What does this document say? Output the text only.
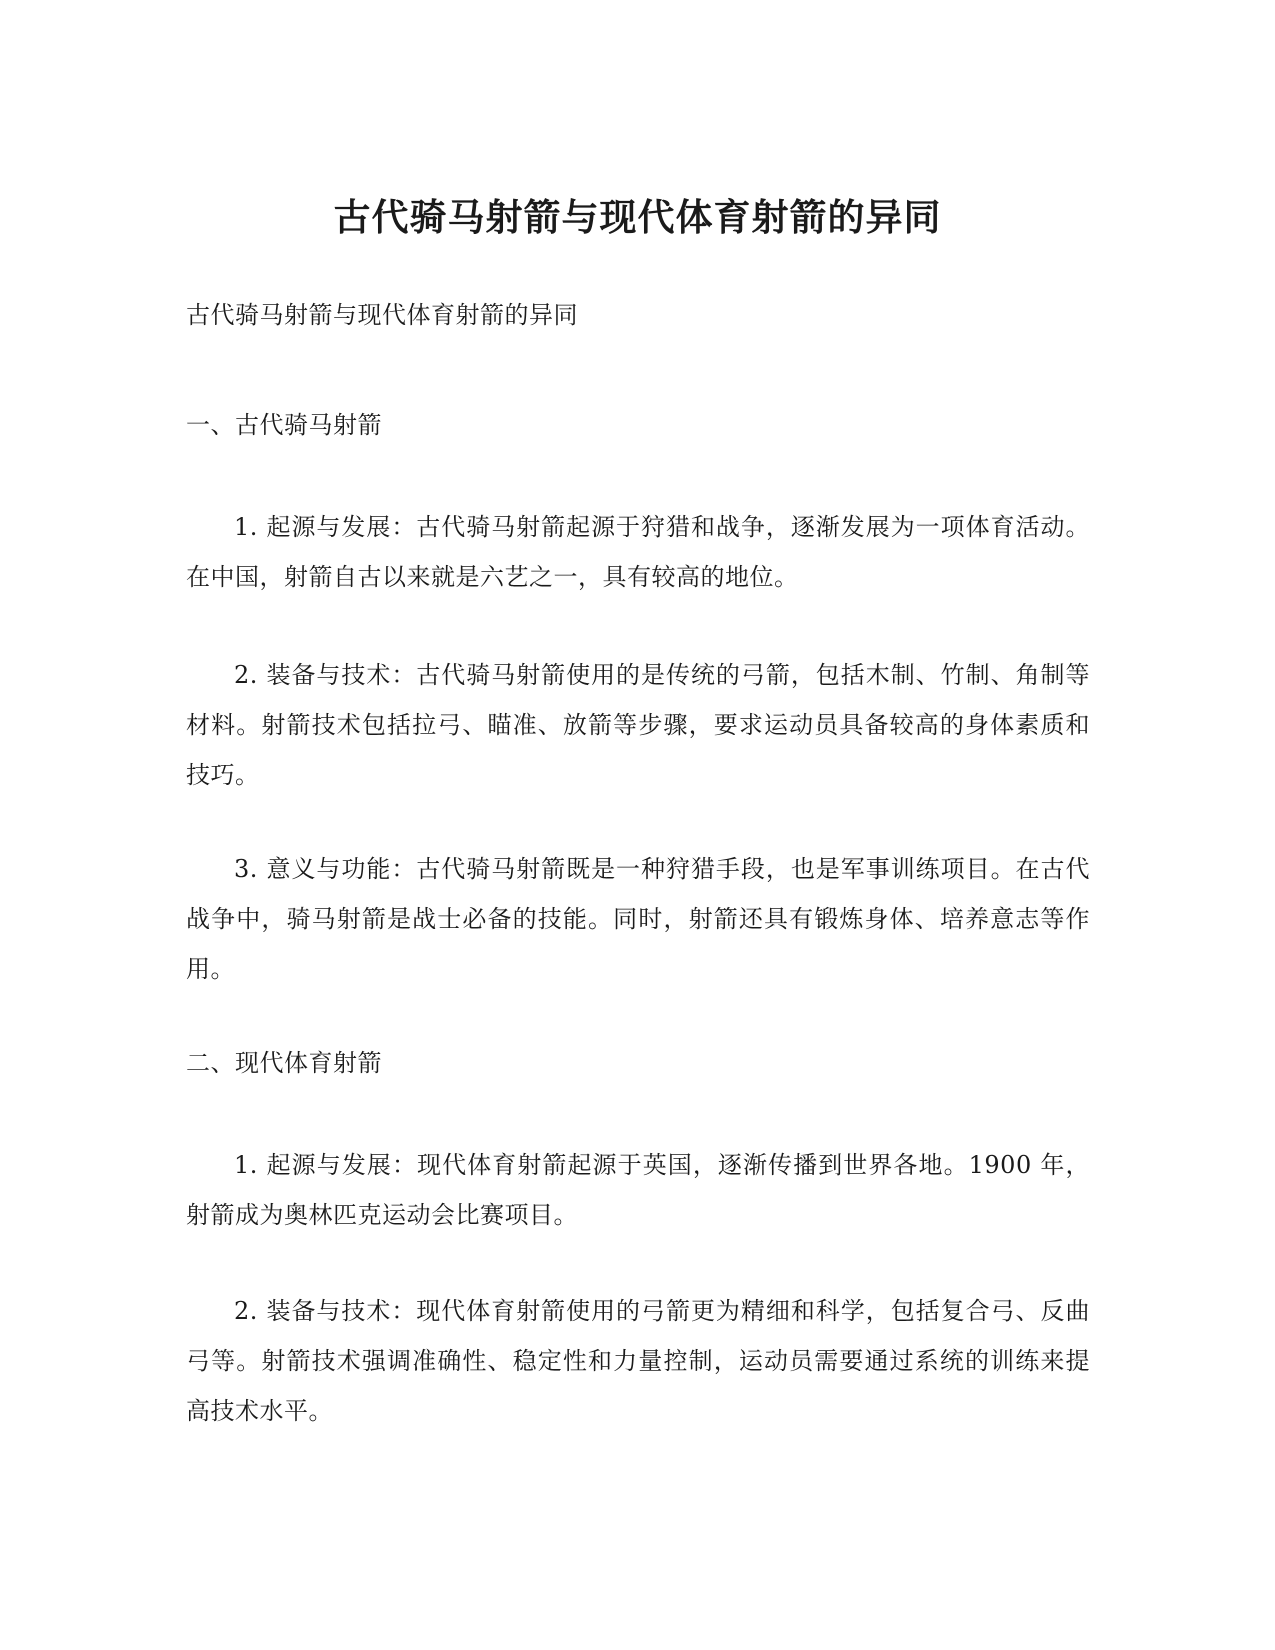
古代骑马射箭与现代体育射箭的异同

古代骑马射箭与现代体育射箭的异同

一、古代骑马射箭

1. 起源与发展：古代骑马射箭起源于狩猎和战争，逐渐发展为一项体育活动。在中国，射箭自古以来就是六艺之一，具有较高的地位。

2. 装备与技术：古代骑马射箭使用的是传统的弓箭，包括木制、竹制、角制等材料。射箭技术包括拉弓、瞄准、放箭等步骤，要求运动员具备较高的身体素质和技巧。

3. 意义与功能：古代骑马射箭既是一种狩猎手段，也是军事训练项目。在古代战争中，骑马射箭是战士必备的技能。同时，射箭还具有锻炼身体、培养意志等作用。

二、现代体育射箭

1. 起源与发展：现代体育射箭起源于英国，逐渐传播到世界各地。1900 年，射箭成为奥林匹克运动会比赛项目。

2. 装备与技术：现代体育射箭使用的弓箭更为精细和科学，包括复合弓、反曲弓等。射箭技术强调准确性、稳定性和力量控制，运动员需要通过系统的训练来提高技术水平。
